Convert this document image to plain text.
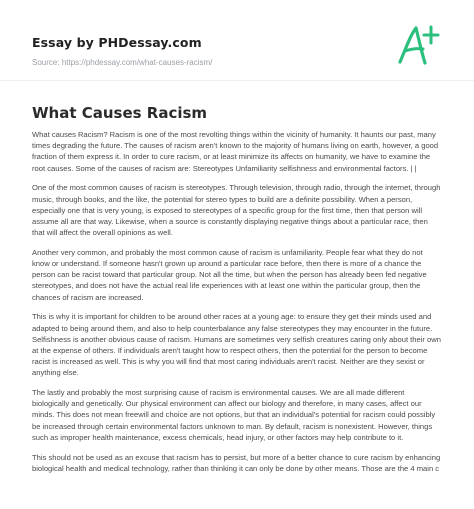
Essay by PHDessay.com
Source: https://phdessay.com/what-causes-racism/
What Causes Racism

What causes Racism? Racism is one of the most revolting things within the vicinity of humanity. It haunts our past, many times degrading the future. The causes of racism aren't known to the majority of humans living on earth, however, a good fraction of them express it. In order to cure racism, or at least minimize its affects on humanity, we have to examine the root causes. Some of the causes of racism are: Stereotypes Unfamiliarity selfishness and environmental factors. | |

One of the most common causes of racism is stereotypes. Through television, through radio, through the internet, through music, through books, and the like, the potential for stereo types to build are a definite possibility. When a person, especially one that is very young, is exposed to stereotypes of a specific group for the first time, then that person will assume all are that way. Likewise, when a source is constantly displaying negative things about a particular race, then that will affect the overall opinions as well.

Another very common, and probably the most common cause of racism is unfamiliarity. People fear what they do not know or understand. If someone hasn't grown up around a particular race before, then there is more of a chance the person can be racist toward that particular group. Not all the time, but when the person has already been fed negative stereotypes, and does not have the actual real life experiences with at least one within the particular group, then the chances of racism are increased.

This is why it is important for children to be around other races at a young age: to ensure they get their minds used and adapted to being around them, and also to help counterbalance any false stereotypes they may encounter in the future. Selfishness is another obvious cause of racism. Humans are sometimes very selfish creatures caring only about their own at the expense of others. If individuals aren't taught how to respect others, then the potential for the person to become racist is increased as well. This is why you will find that most caring individuals aren't racist. Neither are they sexist or anything else.

The lastly and probably the most surprising cause of racism is environmental causes. We are all made different biologically and genetically. Our physical environment can affect our biology and therefore, in many cases, affect our minds. This does not mean freewill and choice are not options, but that an individual's potential for racism could possibly be increased through certain environmental factors unknown to man. By default, racism is nonexistent. However, things such as improper health maintenance, excess chemicals, head injury, or other factors may help contribute to it.

This should not be used as an excuse that racism has to persist, but more of a better chance to cure racism by enhancing biological health and medical technology, rather than thinking it can only be done by other means. Those are the 4 main c
